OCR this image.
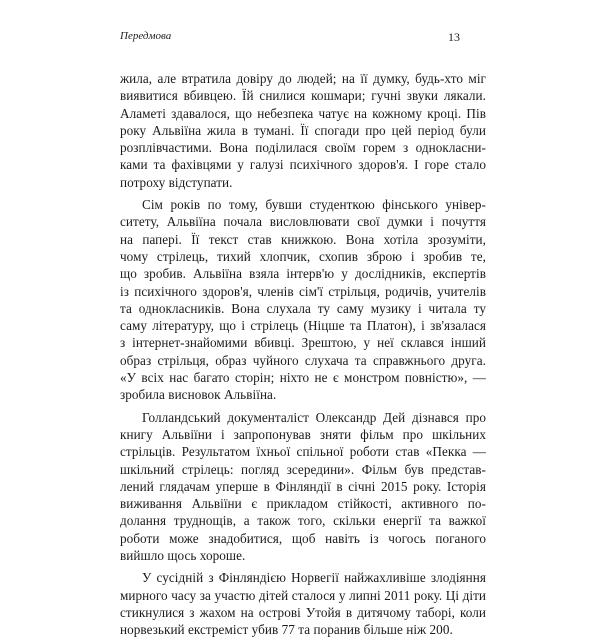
Передмова	13
жила, але втратила довіру до людей; на її думку, будь-хто міг
виявитися вбивцею. Їй снилися кошмари; гучні звуки лякали.
Аламеті здавалося, що небезпека чатує на кожному кроці. Пів
року Альвіїна жила в тумані. Її спогади про цей період були
розплівчастими. Вона поділилася своїм горем з однокласни-
ками та фахівцями у галузі психічного здоров'я. І горе стало
потроху відступати.
Сім років по тому, бувши студенткою фінського універ-
ситету, Альвіїна почала висловлювати свої думки і почуття
на папері. Її текст став книжкою. Вона хотіла зрозуміти,
чому стрілець, тихий хлопчик, схопив зброю і зробив те,
що зробив. Альвіїна взяла інтерв'ю у дослідників, експертів
із психічного здоров'я, членів сім'ї стрільця, родичів, учителів
та однокласників. Вона слухала ту саму музику і читала ту
саму літературу, що і стрілець (Ніцше та Платон), і зв'язалася
з інтернет-знайомими вбивці. Зрештою, у неї склався інший
образ стрільця, образ чуйного слухача та справжнього друга.
«У всіх нас багато сторін; ніхто не є монстром повністю», —
зробила висновок Альвіїна.
Голландський документаліст Олександр Дей дізнався про
книгу Альвіїни і запропонував зняти фільм про шкільних
стрільців. Результатом їхньої спільної роботи став «Пекка —
шкільний стрілець: погляд зсередини». Фільм був представ-
лений глядачам уперше в Фінляндії в січні 2015 року. Історія
виживання Альвіїни є прикладом стійкості, активного по-
долання труднощів, а також того, скільки енергії та важкої
роботи може знадобитися, щоб навіть із чогось поганого
вийшло щось хороше.
У сусідній з Фінляндією Норвегії найжахливіше злодіяння
мирного часу за участю дітей сталося у липні 2011 року. Ці діти
стикнулися з жахом на острові Утойя в дитячому таборі, коли
норвезький екстреміст убив 77 та поранив більше ніж 200.
